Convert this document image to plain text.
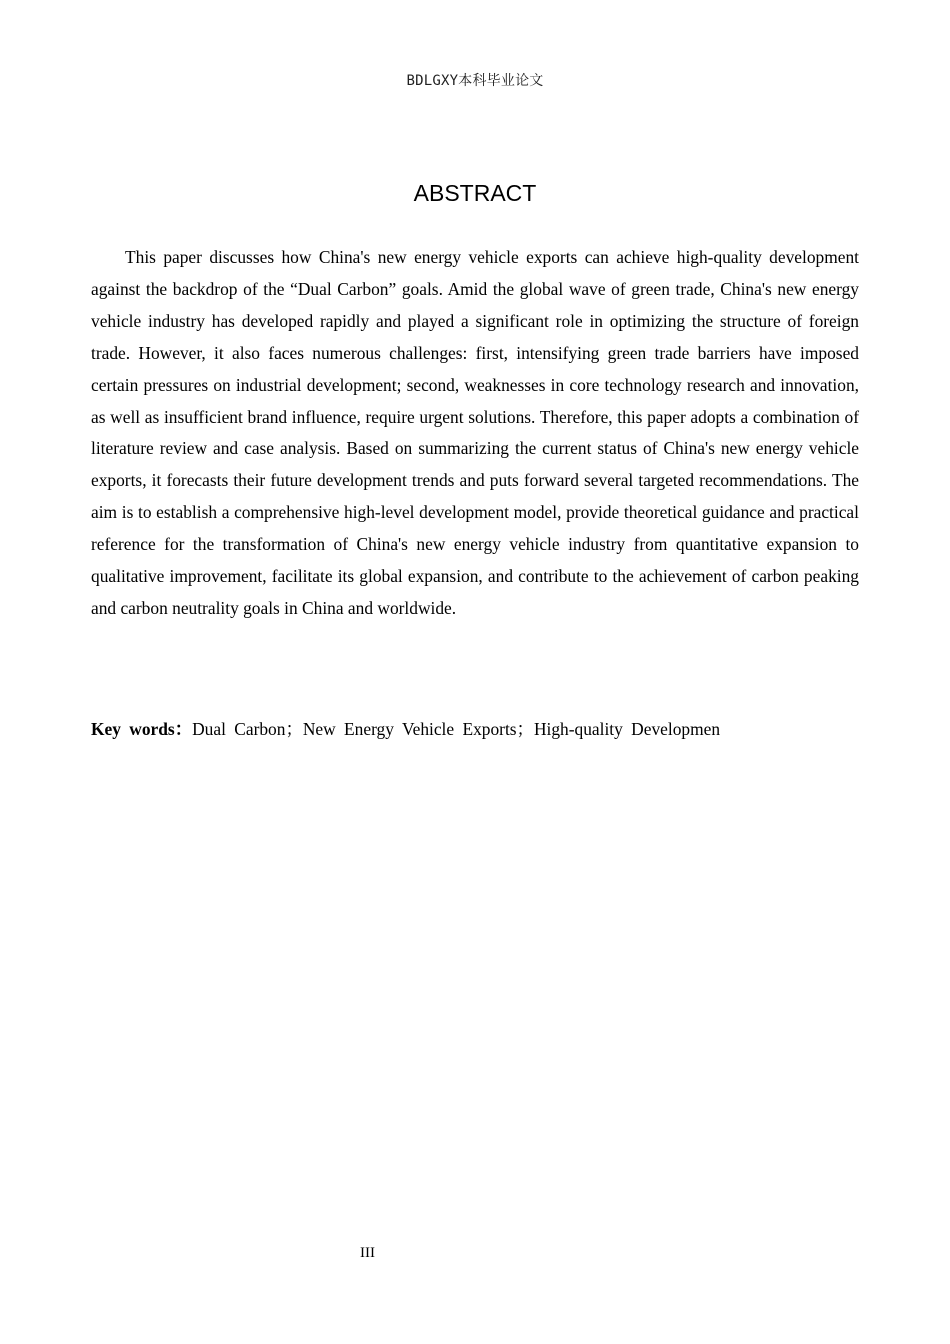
BDLGXY本科毕业论文
ABSTRACT

This paper discusses how China's new energy vehicle exports can achieve high-quality development against the backdrop of the “Dual Carbon” goals. Amid the global wave of green trade, China's new energy vehicle industry has developed rapidly and played a significant role in optimizing the structure of foreign trade. However, it also faces numerous challenges: first, intensifying green trade barriers have imposed certain pressures on industrial development; second, weaknesses in core technology research and innovation, as well as insufficient brand influence, require urgent solutions. Therefore, this paper adopts a combination of literature review and case analysis. Based on summarizing the current status of China's new energy vehicle exports, it forecasts their future development trends and puts forward several targeted recommendations. The aim is to establish a comprehensive high-level development model, provide theoretical guidance and practical reference for the transformation of China's new energy vehicle industry from quantitative expansion to qualitative improvement, facilitate its global expansion, and contribute to the achievement of carbon peaking and carbon neutrality goals in China and worldwide.

Key words：Dual Carbon；New Energy Vehicle Exports；High-quality Developmen
III
